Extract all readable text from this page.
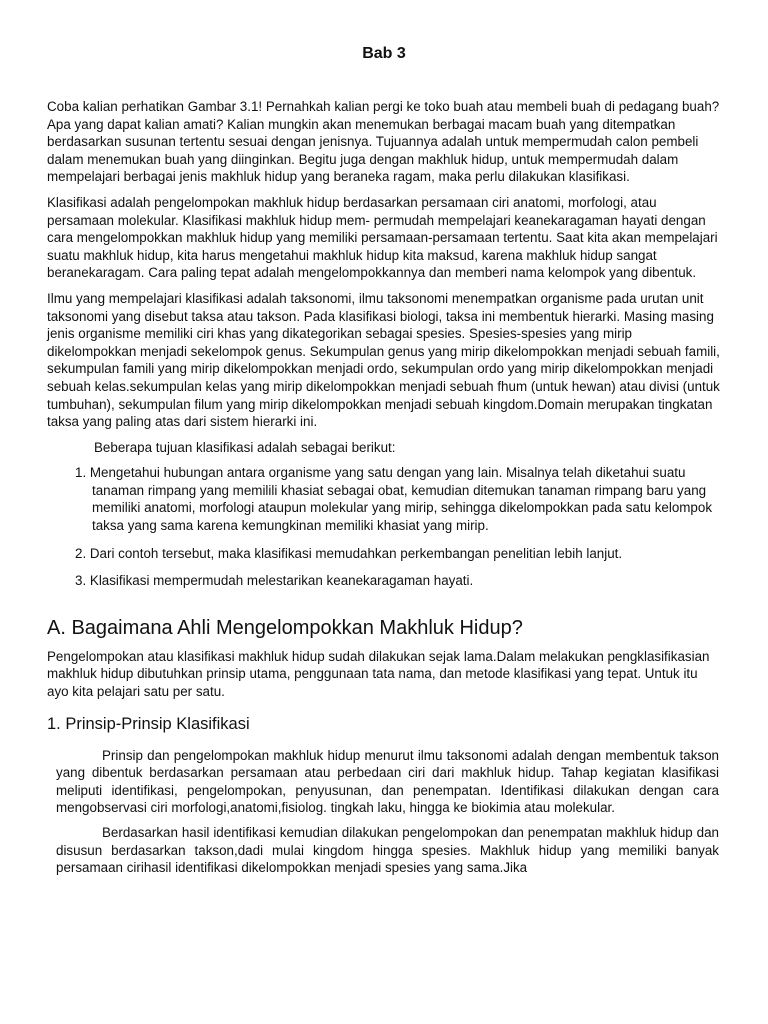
Bab 3

Coba kalian perhatikan Gambar 3.1! Pernahkah kalian pergi ke toko buah atau membeli buah di pedagang buah? Apa yang dapat kalian amati? Kalian mungkin akan menemukan berbagai macam buah yang ditempatkan berdasarkan susunan tertentu sesuai dengan jenisnya. Tujuannya adalah untuk mempermudah calon pembeli dalam menemukan buah yang diinginkan. Begitu juga dengan makhluk hidup, untuk mempermudah dalam mempelajari berbagai jenis makhluk hidup yang beraneka ragam, maka perlu dilakukan klasifikasi.

Klasifikasi adalah pengelompokan makhluk hidup berdasarkan persamaan ciri anatomi, morfologi, atau persamaan molekular. Klasifikasi makhluk hidup mem- permudah mempelajari keanekaragaman hayati dengan cara mengelompokkan makhluk hidup yang memiliki persamaan-persamaan tertentu. Saat kita akan mempelajari suatu makhluk hidup, kita harus mengetahui makhluk hidup kita maksud, karena makhluk hidup sangat beranekaragam. Cara paling tepat adalah mengelompokkannya dan memberi nama kelompok yang dibentuk.

Ilmu yang mempelajari klasifikasi adalah taksonomi, ilmu taksonomi menempatkan organisme pada urutan unit taksonomi yang disebut taksa atau takson. Pada klasifikasi biologi, taksa ini membentuk hierarki. Masing masing jenis organisme memiliki ciri khas yang dikategorikan sebagai spesies. Spesies-spesies yang mirip dikelompokkan menjadi sekelompok genus. Sekumpulan genus yang mirip dikelompokkan menjadi sebuah famili, sekumpulan famili yang mirip dikelompokkan menjadi ordo, sekumpulan ordo yang mirip dikelompokkan menjadi sebuah kelas.sekumpulan kelas yang mirip dikelompokkan menjadi sebuah fhum (untuk hewan) atau divisi (untuk tumbuhan), sekumpulan filum yang mirip dikelompokkan menjadi sebuah kingdom.Domain merupakan tingkatan taksa yang paling atas dari sistem hierarki ini.

Beberapa tujuan klasifikasi adalah sebagai berikut:

1. Mengetahui hubungan antara organisme yang satu dengan yang lain. Misalnya telah diketahui suatu tanaman rimpang yang memilili khasiat sebagai obat, kemudian ditemukan tanaman rimpang baru yang memiliki anatomi, morfologi ataupun molekular yang mirip, sehingga dikelompokkan pada satu kelompok taksa yang sama karena kemungkinan memiliki khasiat yang mirip.
2. Dari contoh tersebut, maka klasifikasi memudahkan perkembangan penelitian lebih lanjut.
3. Klasifikasi mempermudah melestarikan keanekaragaman hayati.
A. Bagaimana Ahli Mengelompokkan Makhluk Hidup?

Pengelompokan atau klasifikasi makhluk hidup sudah dilakukan sejak lama.Dalam melakukan pengklasifikasian makhluk hidup dibutuhkan prinsip utama, penggunaan tata nama, dan metode klasifikasi yang tepat. Untuk itu ayo kita pelajari satu per satu.

1. Prinsip-Prinsip Klasifikasi

Prinsip dan pengelompokan makhluk hidup menurut ilmu taksonomi adalah dengan membentuk takson yang dibentuk berdasarkan persamaan atau perbedaan ciri dari makhluk hidup. Tahap kegiatan klasifikasi meliputi identifikasi, pengelompokan, penyusunan, dan penempatan. Identifikasi dilakukan dengan cara mengobservasi ciri morfologi,anatomi,fisiolog. tingkah laku, hingga ke biokimia atau molekular.

Berdasarkan hasil identifikasi kemudian dilakukan pengelompokan dan penempatan makhluk hidup dan disusun berdasarkan takson,dadi mulai kingdom hingga spesies. Makhluk hidup yang memiliki banyak persamaan cirihasil identifikasi dikelompokkan menjadi spesies yang sama.Jika
